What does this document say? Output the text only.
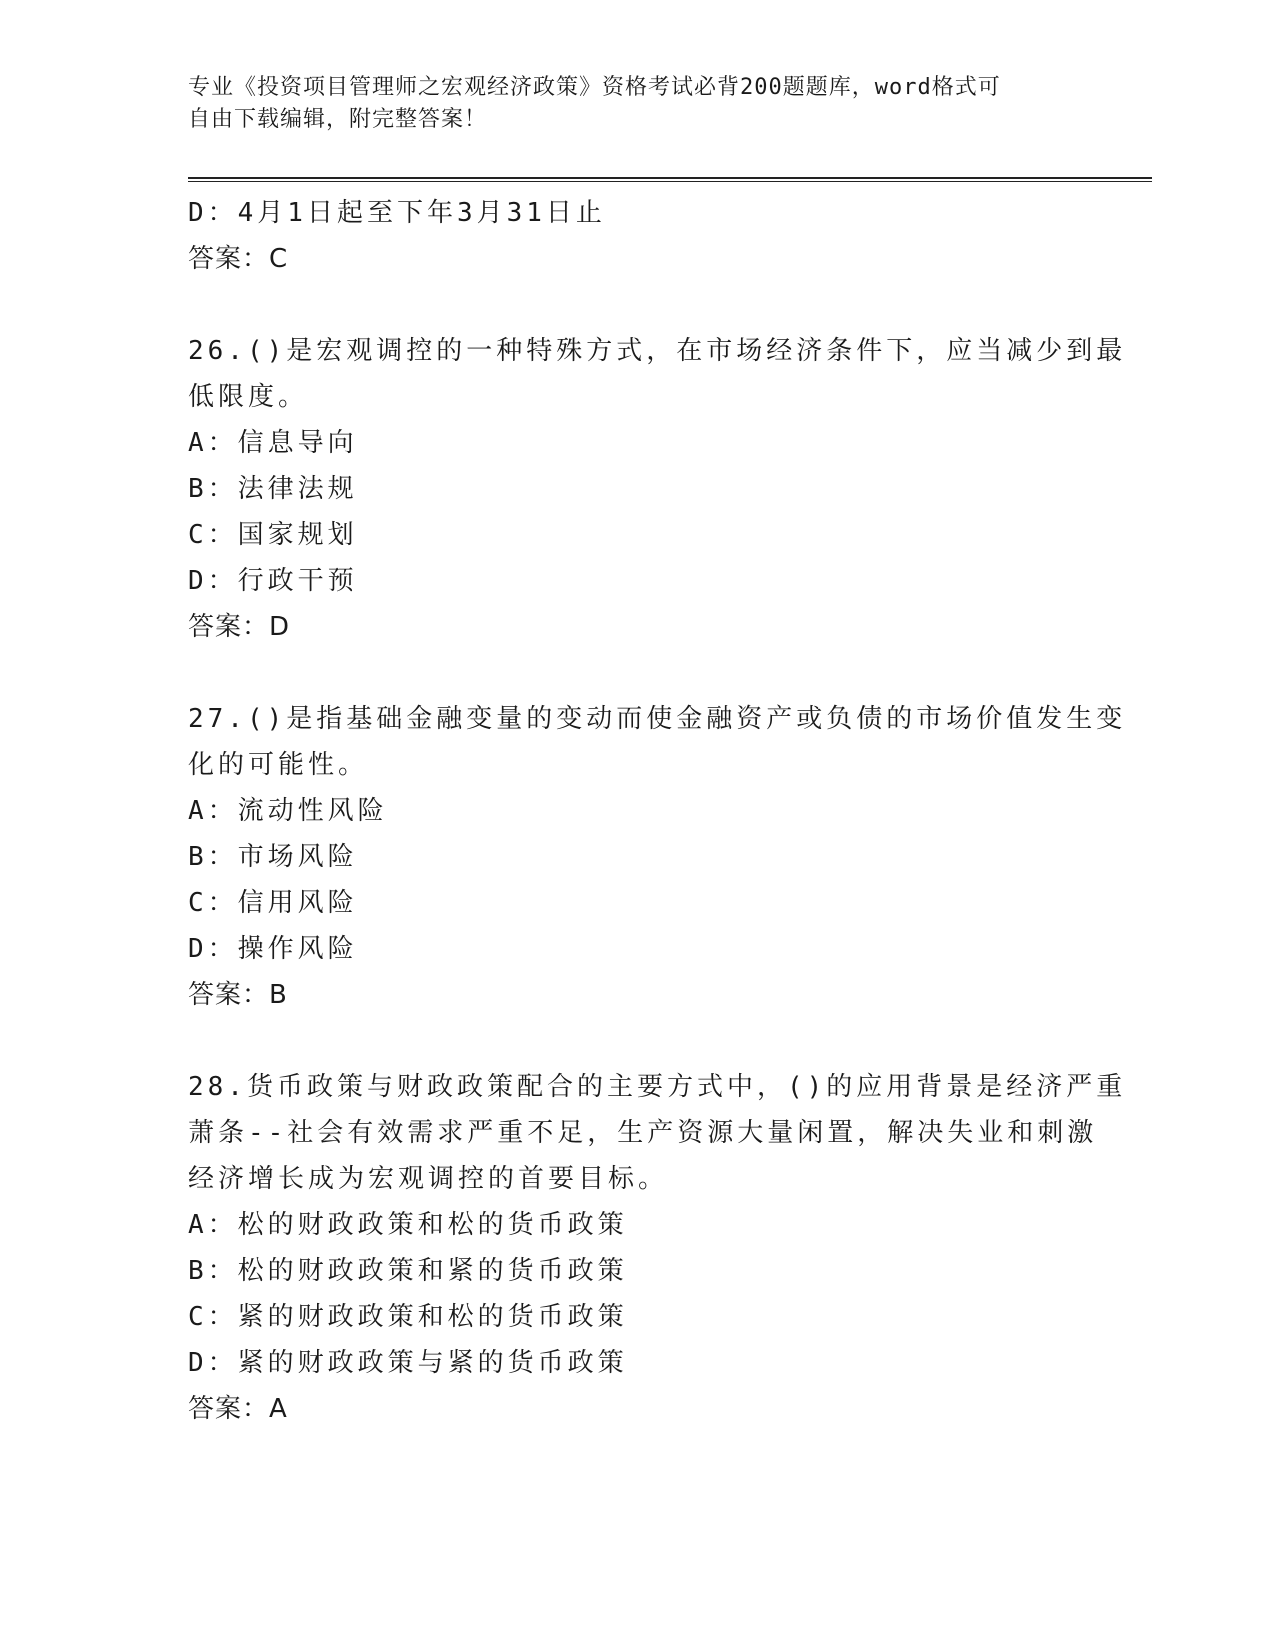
专业《投资项目管理师之宏观经济政策》资格考试必背200题题库，word格式可
自由下载编辑，附完整答案！
D：4月1日起至下年3月31日止
答案：C
26.()是宏观调控的一种特殊方式，在市场经济条件下，应当减少到最
低限度。
A：信息导向
B：法律法规
C：国家规划
D：行政干预
答案：D
27.()是指基础金融变量的变动而使金融资产或负债的市场价值发生变
化的可能性。
A：流动性风险
B：市场风险
C：信用风险
D：操作风险
答案：B
28.货币政策与财政政策配合的主要方式中，()的应用背景是经济严重
萧条--社会有效需求严重不足，生产资源大量闲置，解决失业和刺激
经济增长成为宏观调控的首要目标。
A：松的财政政策和松的货币政策
B：松的财政政策和紧的货币政策
C：紧的财政政策和松的货币政策
D：紧的财政政策与紧的货币政策
答案：A
